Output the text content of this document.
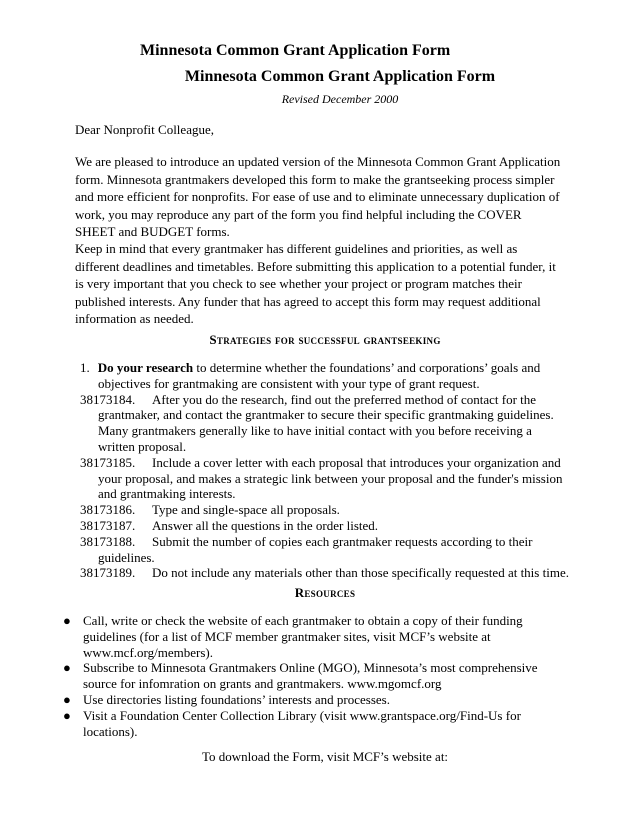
Minnesota Common Grant Application Form
Minnesota Common Grant Application Form
Revised December 2000
Dear Nonprofit Colleague,
We are pleased to introduce an updated version of the Minnesota Common Grant Application form. Minnesota grantmakers developed this form to make the grantseeking process simpler and more efficient for nonprofits. For ease of use and to eliminate unnecessary duplication of work, you may reproduce any part of the form you find helpful including the COVER SHEET and BUDGET forms.
Keep in mind that every grantmaker has different guidelines and priorities, as well as different deadlines and timetables. Before submitting this application to a potential funder, it is very important that you check to see whether your project or program matches their published interests. Any funder that has agreed to accept this form may request additional information as needed.
Strategies for successful grantseeking

1. Do your research to determine whether the foundations’ and corporations’ goals and objectives for grantmaking are consistent with your type of grant request.

38173184. After you do the research, find out the preferred method of contact for the grantmaker, and contact the grantmaker to secure their specific grantmaking guidelines. Many grantmakers generally like to have initial contact with you before receiving a written proposal.

38173185. Include a cover letter with each proposal that introduces your organization and your proposal, and makes a strategic link between your proposal and the funder's mission and grantmaking interests.

38173186. Type and single-space all proposals.

38173187. Answer all the questions in the order listed.

38173188. Submit the number of copies each grantmaker requests according to their guidelines.

38173189. Do not include any materials other than those specifically requested at this time.

Resources

● Call, write or check the website of each grantmaker to obtain a copy of their funding guidelines (for a list of MCF member grantmaker sites, visit MCF’s website at www.mcf.org/members).

● Subscribe to Minnesota Grantmakers Online (MGO), Minnesota’s most comprehensive source for infomration on grants and grantmakers. www.mgomcf.org

● Use directories listing foundations’ interests and processes.

● Visit a Foundation Center Collection Library (visit www.grantspace.org/Find-Us for locations).

To download the Form, visit MCF’s website at:
